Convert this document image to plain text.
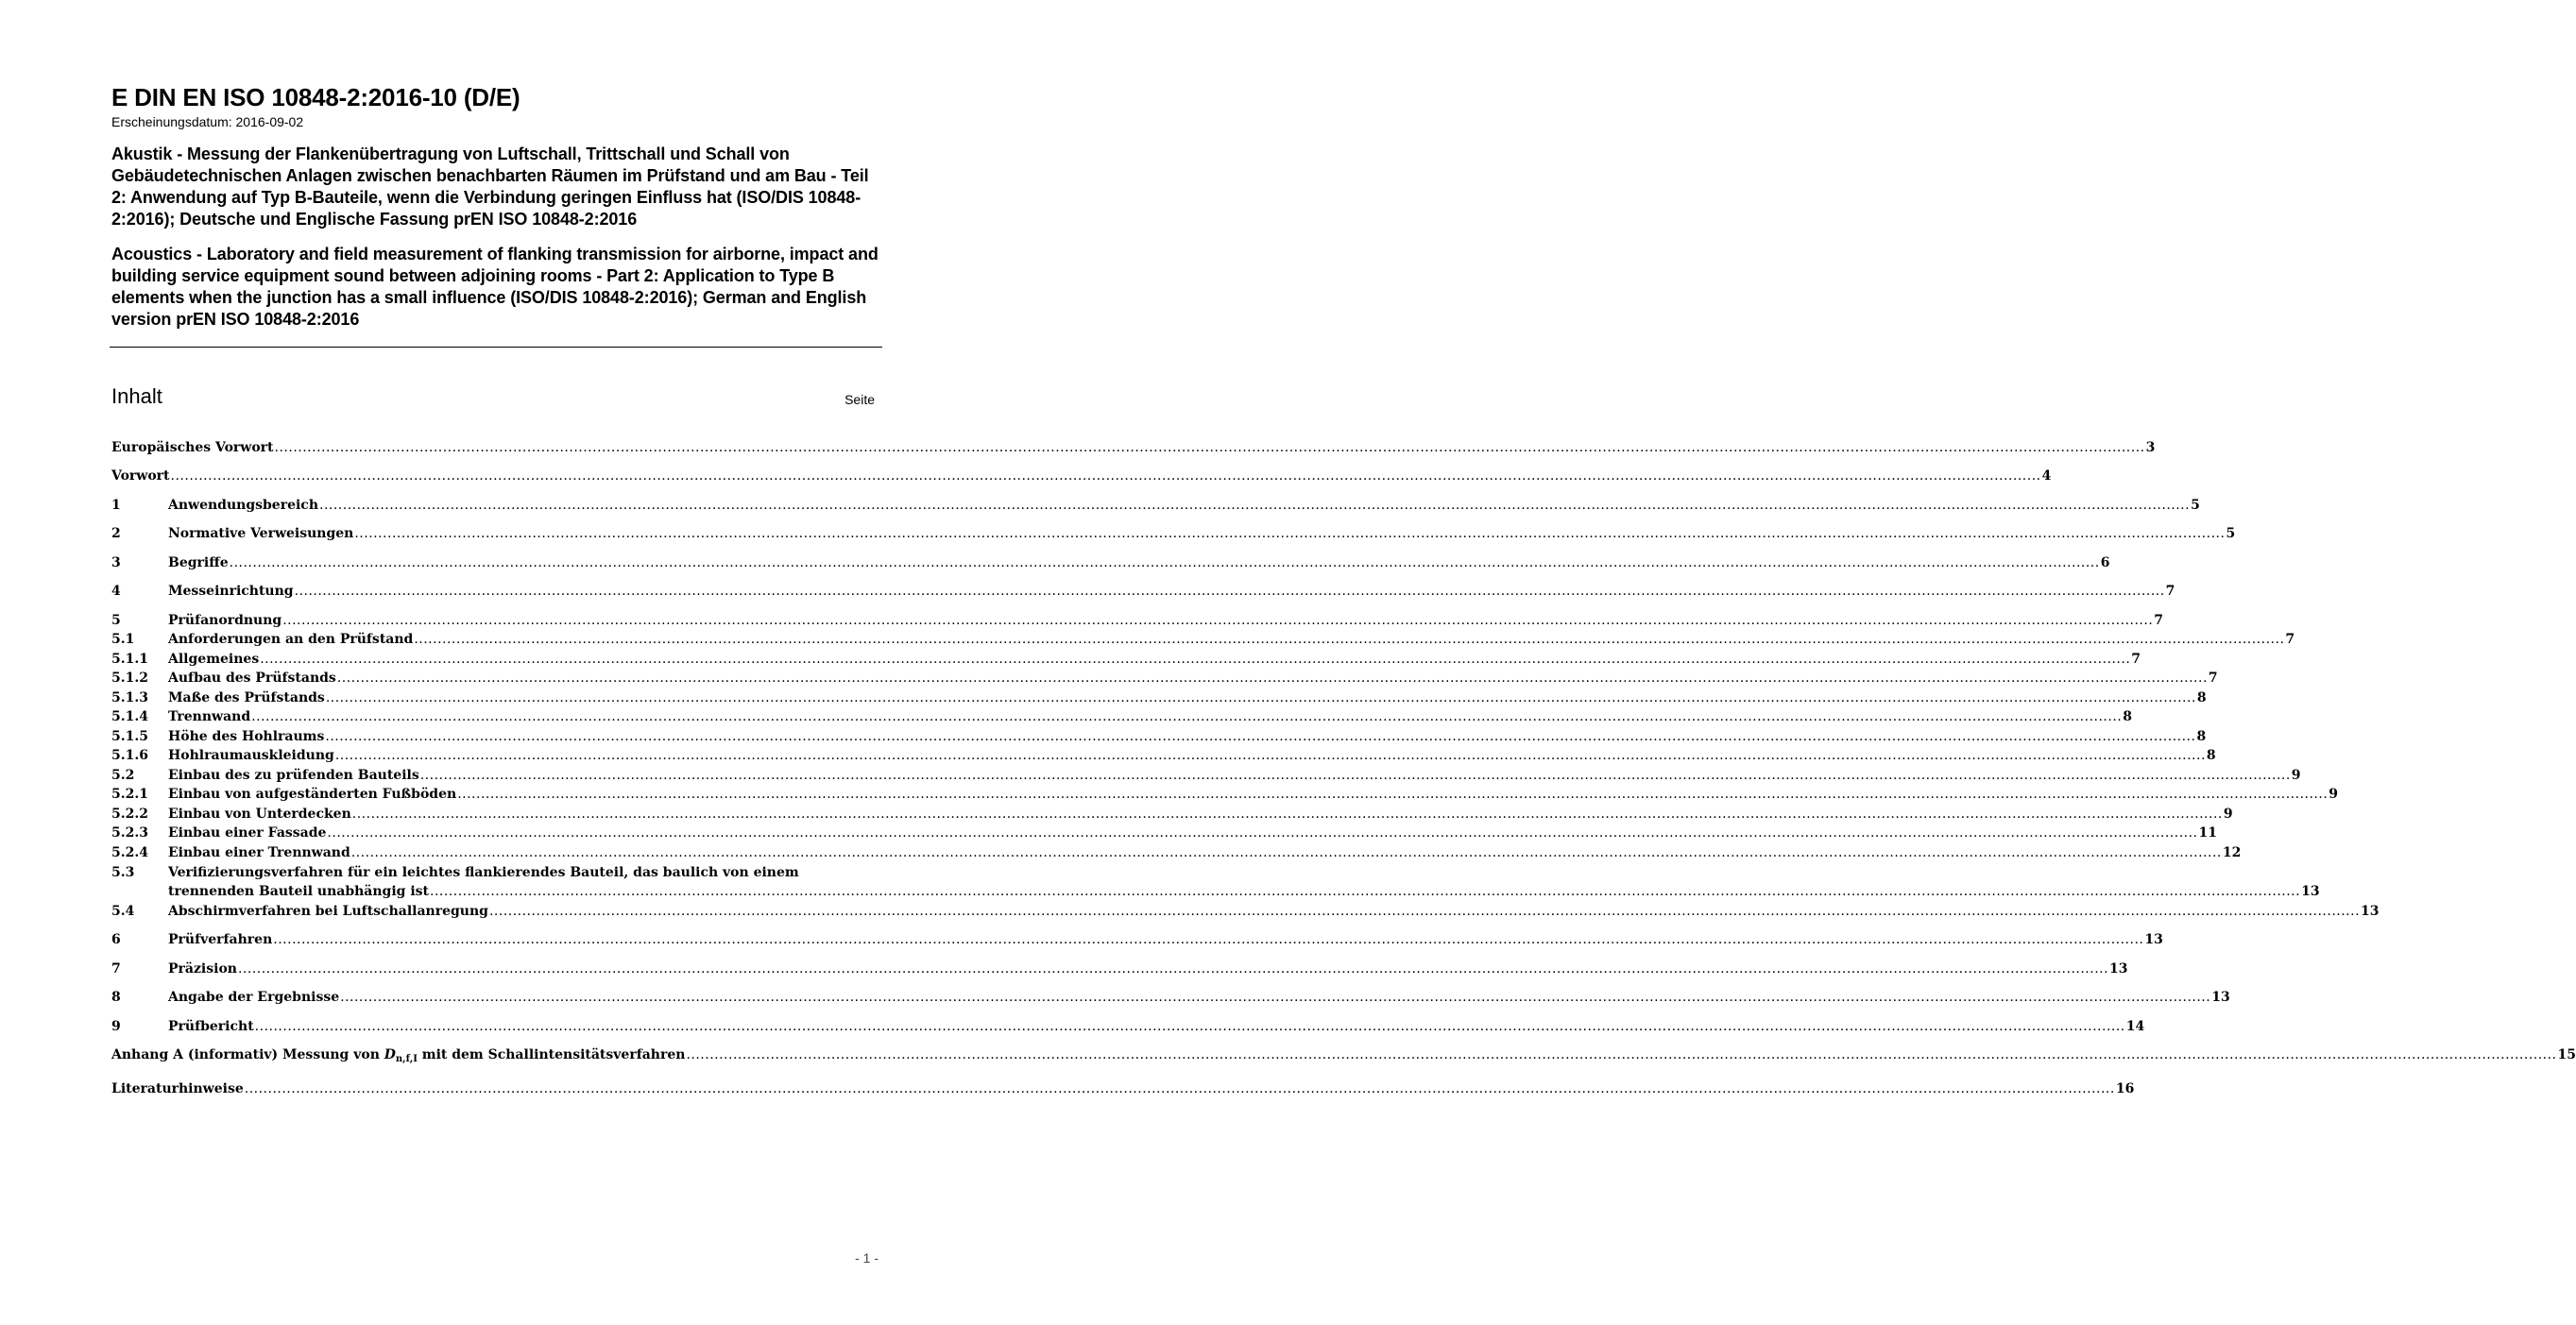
E DIN EN ISO 10848-2:2016-10 (D/E)

Erscheinungsdatum: 2016-09-02

Akustik - Messung der Flankenübertragung von Luftschall, Trittschall und Schall von Gebäudetechnischen Anlagen zwischen benachbarten Räumen im Prüfstand und am Bau - Teil 2: Anwendung auf Typ B-Bauteile, wenn die Verbindung geringen Einfluss hat (ISO/DIS 10848-2:2016); Deutsche und Englische Fassung prEN ISO 10848-2:2016

Acoustics - Laboratory and field measurement of flanking transmission for airborne, impact and building service equipment sound between adjoining rooms - Part 2: Application to Type B elements when the junction has a small influence (ISO/DIS 10848-2:2016); German and English version prEN ISO 10848-2:2016

Inhalt	Seite
Europäisches Vorwort ................................................................................................................................................................................................................................................................................................................................................................................................................ 3
Vorwort ................................................................................................................................................................................................................................................................................................................................................................................................................ 4
1	Anwendungsbereich ................................................................................................................................................................................................................................................................................................................................................................................................................ 5
2	Normative Verweisungen ................................................................................................................................................................................................................................................................................................................................................................................................................ 5
3	Begriffe ................................................................................................................................................................................................................................................................................................................................................................................................................ 6
4	Messeinrichtung ................................................................................................................................................................................................................................................................................................................................................................................................................ 7
5	Prüfanordnung ................................................................................................................................................................................................................................................................................................................................................................................................................ 7
5.1	Anforderungen an den Prüfstand ................................................................................................................................................................................................................................................................................................................................................................................................................ 7
5.1.1 Allgemeines ................................................................................................................................................................................................................................................................................................................................................................................................................ 7
5.1.2 Aufbau des Prüfstands ................................................................................................................................................................................................................................................................................................................................................................................................................ 7
5.1.3 Maße des Prüfstands ................................................................................................................................................................................................................................................................................................................................................................................................................ 8
5.1.4 Trennwand ................................................................................................................................................................................................................................................................................................................................................................................................................ 8
5.1.5 Höhe des Hohlraums ................................................................................................................................................................................................................................................................................................................................................................................................................ 8
5.1.6 Hohlraumauskleidung ................................................................................................................................................................................................................................................................................................................................................................................................................ 8
5.2	Einbau des zu prüfenden Bauteils ................................................................................................................................................................................................................................................................................................................................................................................................................ 9
5.2.1 Einbau von aufgeständerten Fußböden ................................................................................................................................................................................................................................................................................................................................................................................................................ 9
5.2.2 Einbau von Unterdecken ................................................................................................................................................................................................................................................................................................................................................................................................................ 9
5.2.3 Einbau einer Fassade ................................................................................................................................................................................................................................................................................................................................................................................................................ 11
5.2.4 Einbau einer Trennwand ................................................................................................................................................................................................................................................................................................................................................................................................................ 12
5.3	Verifizierungsverfahren für ein leichtes flankierendes Bauteil, das baulich von einem
trennenden Bauteil unabhängig ist ................................................................................................................................................................................................................................................................................................................................................................................................................ 13
5.4	Abschirmverfahren bei Luftschallanregung ................................................................................................................................................................................................................................................................................................................................................................................................................ 13
6	Prüfverfahren ................................................................................................................................................................................................................................................................................................................................................................................................................ 13
7	Präzision ................................................................................................................................................................................................................................................................................................................................................................................................................ 13
8	Angabe der Ergebnisse ................................................................................................................................................................................................................................................................................................................................................................................................................ 13
9	Prüfbericht ................................................................................................................................................................................................................................................................................................................................................................................................................ 14
Anhang A (informativ) Messung von $D_{n,f,I}$ mit dem Schallintensitätsverfahren ................................................................................................................................................................................................................................................................................................................................................................................................................ 15
Literaturhinweise ................................................................................................................................................................................................................................................................................................................................................................................................................ 16
- 1 -
